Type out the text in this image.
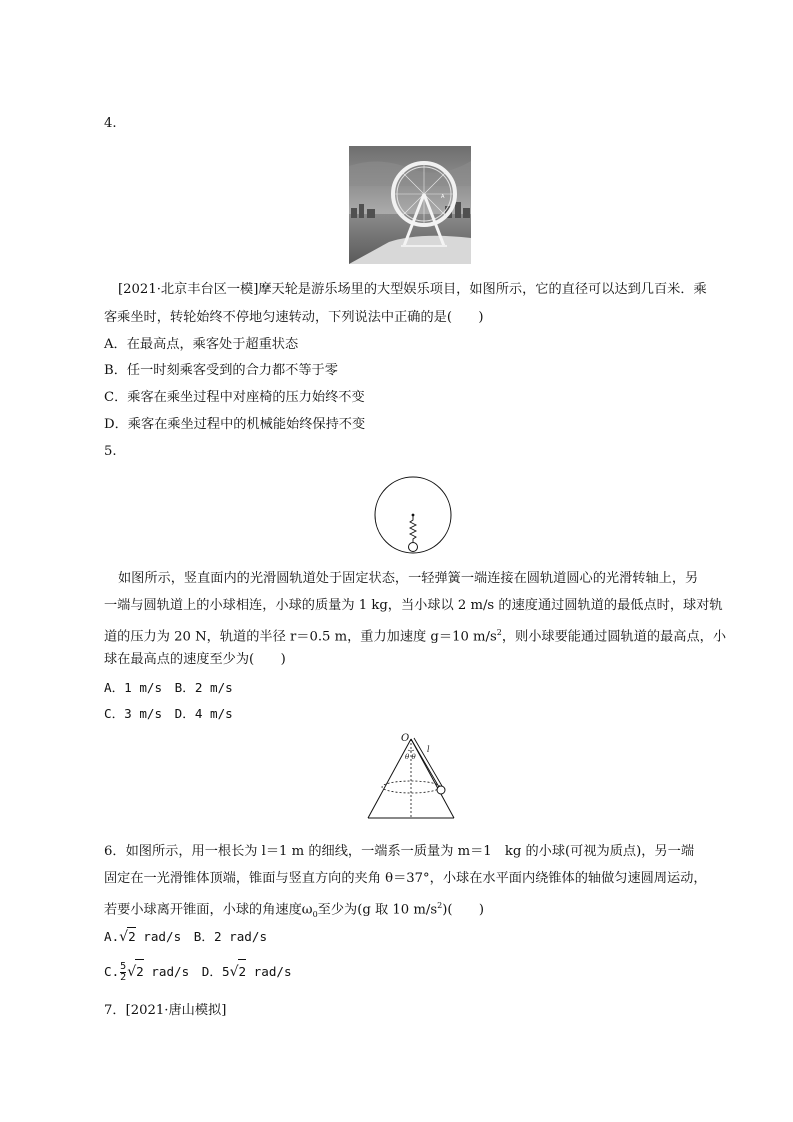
4.
A
[2021·北京丰台区一模]摩天轮是游乐场里的大型娱乐项目，如图所示，它的直径可以达到几百米．乘
客乘坐时，转轮始终不停地匀速转动，下列说法中正确的是(　　)
A．在最高点，乘客处于超重状态
B．任一时刻乘客受到的合力都不等于零
C．乘客在乘坐过程中对座椅的压力始终不变
D．乘客在乘坐过程中的机械能始终保持不变
5.
如图所示，竖直面内的光滑圆轨道处于固定状态，一轻弹簧一端连接在圆轨道圆心的光滑转轴上，另
一端与圆轨道上的小球相连，小球的质量为 1 kg，当小球以 2 m/s 的速度通过圆轨道的最低点时，球对轨
道的压力为 20 N，轨道的半径 r＝0.5 m，重力加速度 g＝10 $m/s^2$，则小球要能通过圆轨道的最高点，小
球在最高点的速度至少为(　　)
A．1 m/s　B．2 m/s
C．3 m/s　D．4 m/s
O
θ θ
l
6．如图所示，用一根长为 l＝1 m 的细线，一端系一质量为 m＝1　kg 的小球(可视为质点)，另一端
固定在一光滑锥体顶端，锥面与竖直方向的夹角 θ＝37°，小球在水平面内绕锥体的轴做匀速圆周运动，
若要小球离开锥面，小球的角速度$\omega_0$至少为(g 取 10 $m/s^2$)(　　)
A.√2 rad/s　B．2 rad/s
C. $\frac{5}{2} √2$ rad/s　D．5√2 rad/s
7．[2021·唐山模拟]
